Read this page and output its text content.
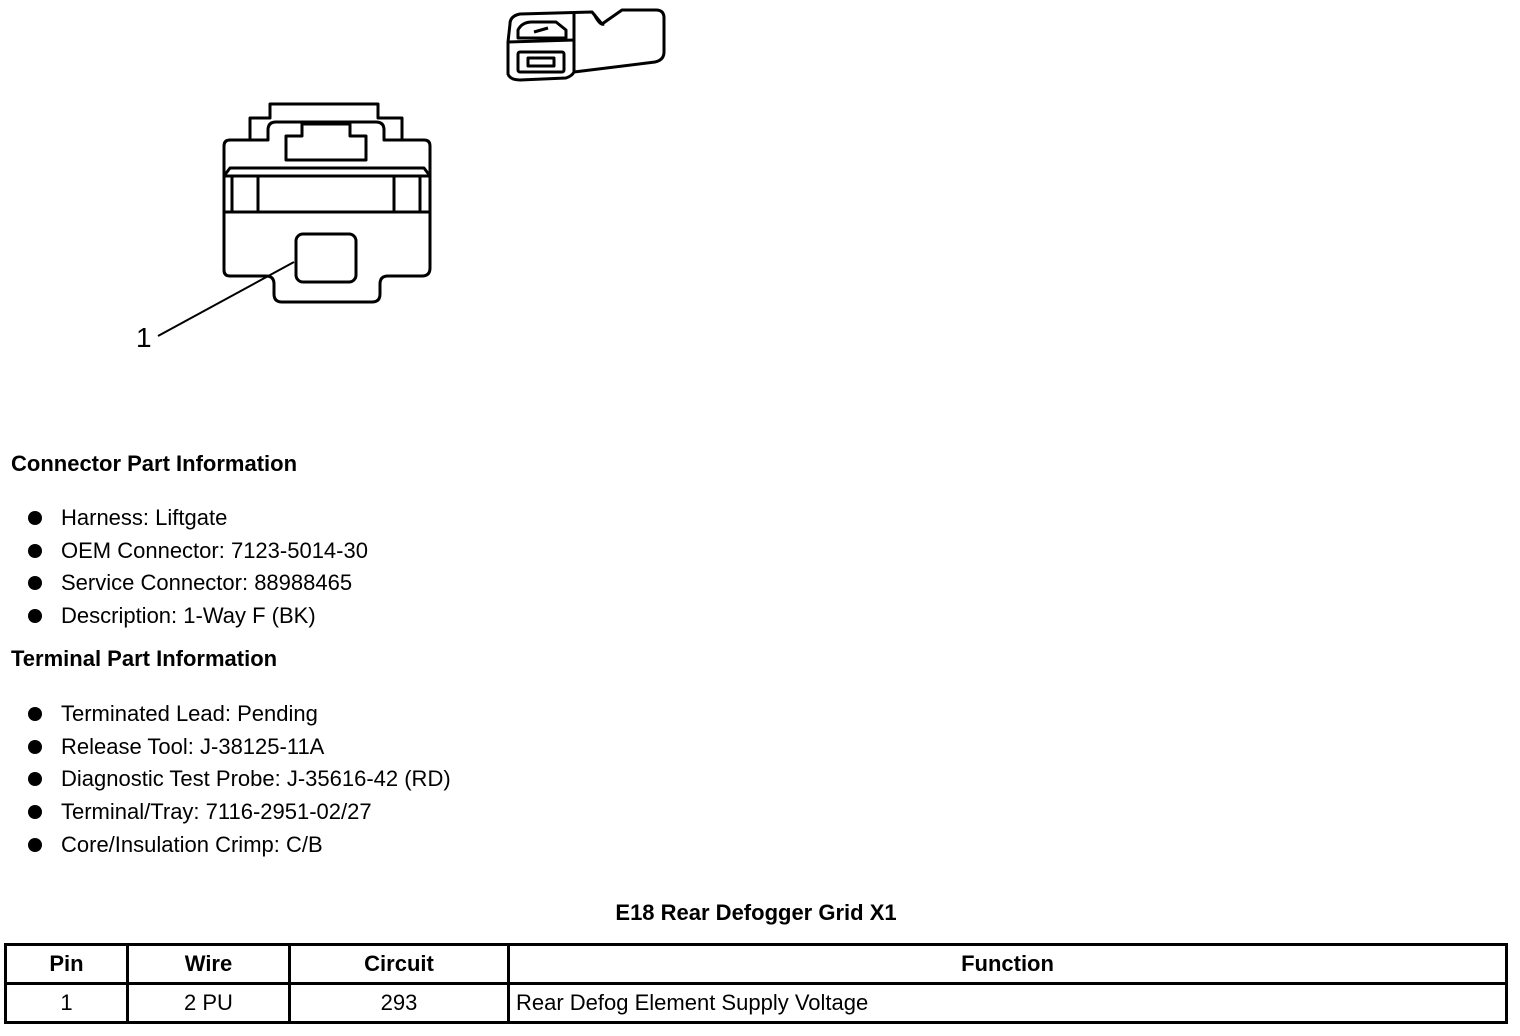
1
Connector Part Information
Harness: Liftgate
OEM Connector: 7123-5014-30
Service Connector: 88988465
Description: 1-Way F (BK)
Terminal Part Information
Terminated Lead: Pending
Release Tool: J-38125-11A
Diagnostic Test Probe: J-35616-42 (RD)
Terminal/Tray: 7116-2951-02/27
Core/Insulation Crimp: C/B
E18 Rear Defogger Grid X1
Pin	Wire	Circuit	Function
1	2 PU	293	Rear Defog Element Supply Voltage
